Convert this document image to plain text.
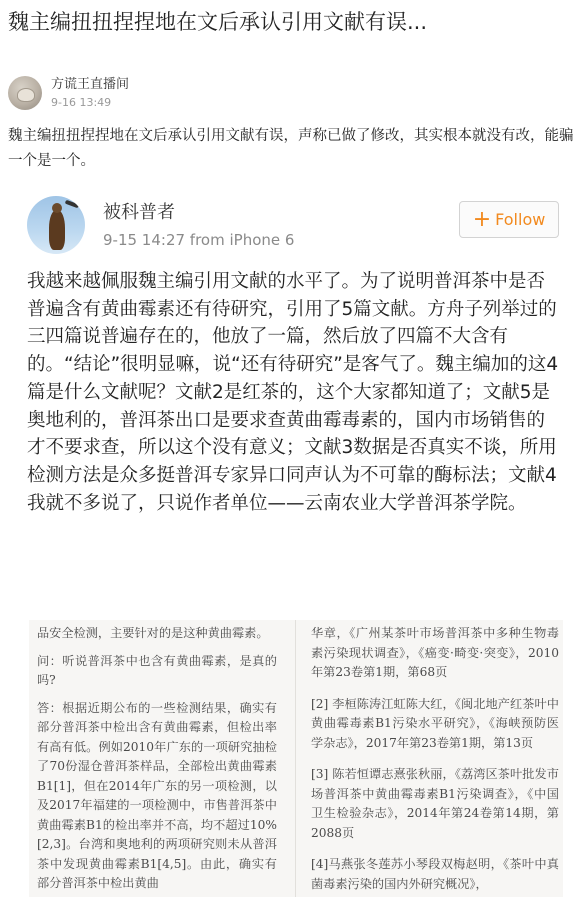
魏主编扭扭捏捏地在文后承认引用文献有误...
方谎王直播间
9-16 13:49
魏主编扭扭捏捏地在文后承认引用文献有误，声称已做了修改，其实根本就没有改，能骗一个是一个。
被科普者
9-15 14:27 from iPhone 6
+ Follow
我越来越佩服魏主编引用文献的水平了。为了说明普洱茶中是否普遍含有黄曲霉素还有待研究，引用了5篇文献。方舟子列举过的三四篇说普遍存在的，他放了一篇，然后放了四篇不大含有的。“结论”很明显嘛，说“还有待研究”是客气了。魏主编加的这4篇是什么文献呢？文献2是红茶的，这个大家都知道了；文献5是奥地利的，普洱茶出口是要求查黄曲霉毒素的，国内市场销售的才不要求查，所以这个没有意义；文献3数据是否真实不谈，所用检测方法是众多挺普洱专家异口同声认为不可靠的酶标法；文献4我就不多说了，只说作者单位——云南农业大学普洱茶学院。

品安全检测，主要针对的是这种黄曲霉素。

问：听说普洱茶中也含有黄曲霉素，是真的吗?

答：根据近期公布的一些检测结果，确实有部分普洱茶中检出含有黄曲霉素，但检出率有高有低。例如2010年广东的一项研究抽检了70份湿仓普洱茶样品，全部检出黄曲霉素B1[1]，但在2014年广东的另一项检测，以及2017年福建的一项检测中，市售普洱茶中黄曲霉素B1的检出率并不高，均不超过10%[2,3]。台湾和奥地利的两项研究则未从普洱茶中发现黄曲霉素B1[4,5]。由此，确实有部分普洱茶中检出黄曲

华章，《广州某茶叶市场普洱茶中多种生物毒素污染现状调查》，《癌变·畸变·突变》，2010年第23卷第1期，第68页

[2] 李桓陈涛江虹陈大红，《闽北地产红茶叶中黄曲霉毒素B1污染水平研究》，《海峡预防医学杂志》，2017年第23卷第1期，第13页

[3] 陈若恒谭志熹张秋丽，《荔湾区茶叶批发市场普洱茶中黄曲霉毒素B1污染调查》，《中国卫生检验杂志》，2014年第24卷第14期，第2088页

[4]马燕张冬莲苏小琴段双梅赵明，《茶叶中真菌毒素污染的国内外研究概况》，
